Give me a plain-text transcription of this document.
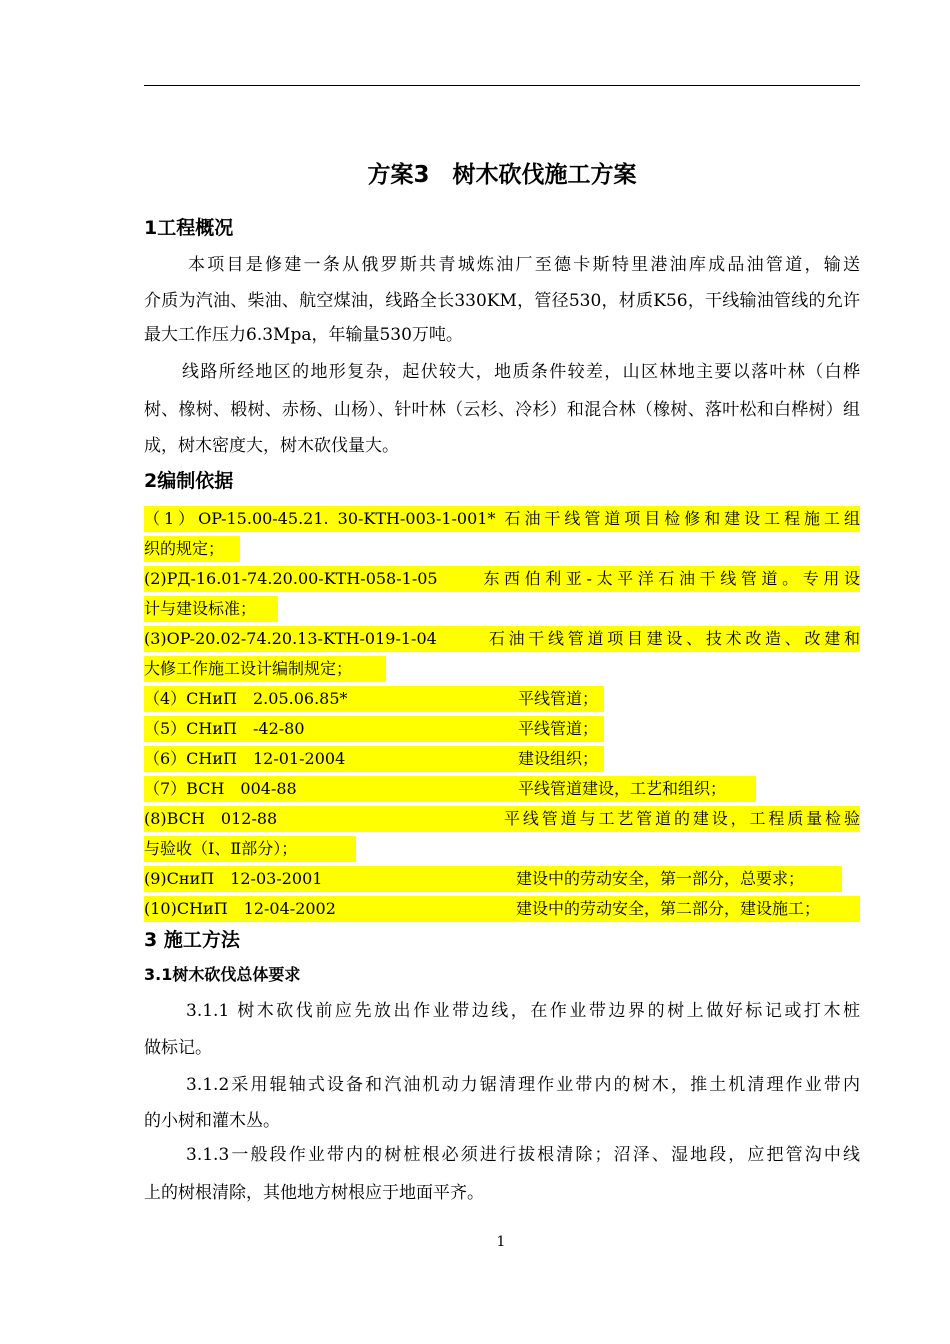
方案3　树木砍伐施工方案
1工程概况
本项目是修建一条从俄罗斯共青城炼油厂至德卡斯特里港油库成品油管道，输送
介质为汽油、柴油、航空煤油，线路全长330KM，管径530，材质K56，干线输油管线的允许
最大工作压力6.3Mpa，年输量530万吨。
线路所经地区的地形复杂，起伏较大，地质条件较差，山区林地主要以落叶林（白桦
树、橡树、椴树、赤杨、山杨）、针叶林（云杉、冷杉）和混合林（橡树、落叶松和白桦树）组
成，树木密度大，树木砍伐量大。
2编制依据
（1）OP-15.00-45.21. 30-KTH-003-1-001* 石油干线管道项目检修和建设工程施工组
织的规定；
(2)РД-16.01-74.20.00-KTH-058-1-05　　东西伯利亚-太平洋石油干线管道。专用设
计与建设标准；
(3)OP-20.02-74.20.13-KTH-019-1-04　　 石油干线管道项目建设、技术改造、改建和
大修工作施工设计编制规定；
（4）СНиП　2.05.06.85*	平线管道；
（5）СНиП　-42-80	平线管道；
（6）СНиП　12-01-2004	建设组织；
（7）BCH　004-88	平线管道建设，工艺和组织；
(8)BCH　012-88	平线管道与工艺管道的建设，工程质量检验
与验收（Ⅰ、Ⅱ部分）；
(9)СниП　12-03-2001	建设中的劳动安全，第一部分，总要求；
(10)СНиП　12-04-2002	建设中的劳动安全，第二部分，建设施工；
3 施工方法
3.1树木砍伐总体要求
3.1.1 树木砍伐前应先放出作业带边线，在作业带边界的树上做好标记或打木桩
做标记。
3.1.2采用辊轴式设备和汽油机动力锯清理作业带内的树木，推土机清理作业带内
的小树和灌木丛。
3.1.3一般段作业带内的树桩根必须进行拔根清除；沼泽、湿地段，应把管沟中线
上的树根清除，其他地方树根应于地面平齐。
1
